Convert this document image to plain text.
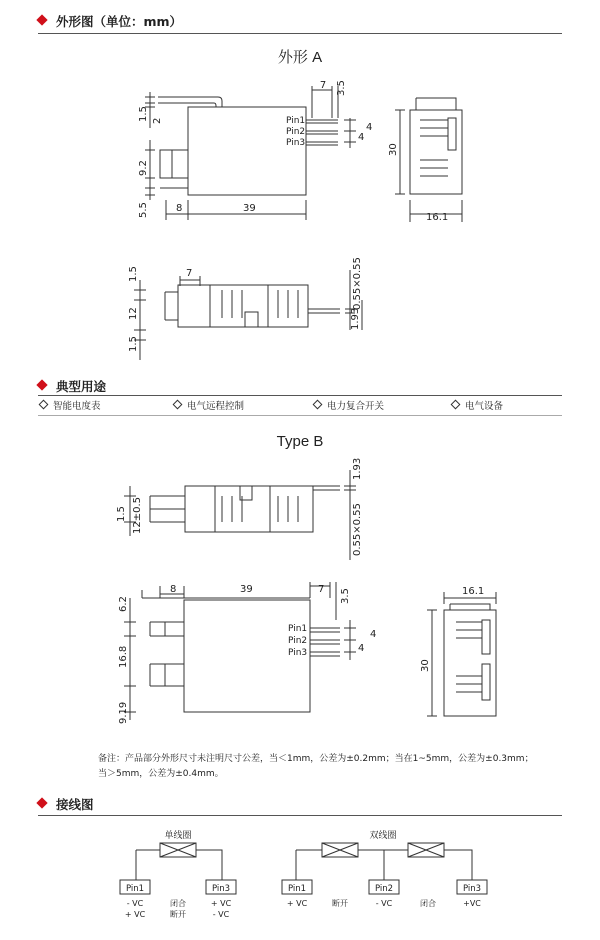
外形图（单位：mm）
外形 A
7 3.5
1.5 2
4
4
30
9.2
5.5	8	39
16.1
Pin1
Pin2
Pin3
1.5
12
1.5
7	0.55×0.55
1.93
典型用途
智能电度表	电气远程控制	电力复合开关	电气设备
Type B
1.93
1.5 12±0.5	0.55×0.55
8	39	7 3.5
6.2
16.8
9.19
4
4
30
16.1
Pin1
Pin2
Pin3
备注：产品部分外形尺寸未注明尺寸公差，当＜1mm，公差为±0.2mm；当在1~5mm，公差为±0.3mm；当＞5mm，公差为±0.4mm。
接线图
单线圈
Pin1	Pin3
- VC
+ VC
闭合
断开
+ VC
- VC
双线圈
Pin1	Pin2	Pin3
+ VC	断开	- VC	闭合	+VC
